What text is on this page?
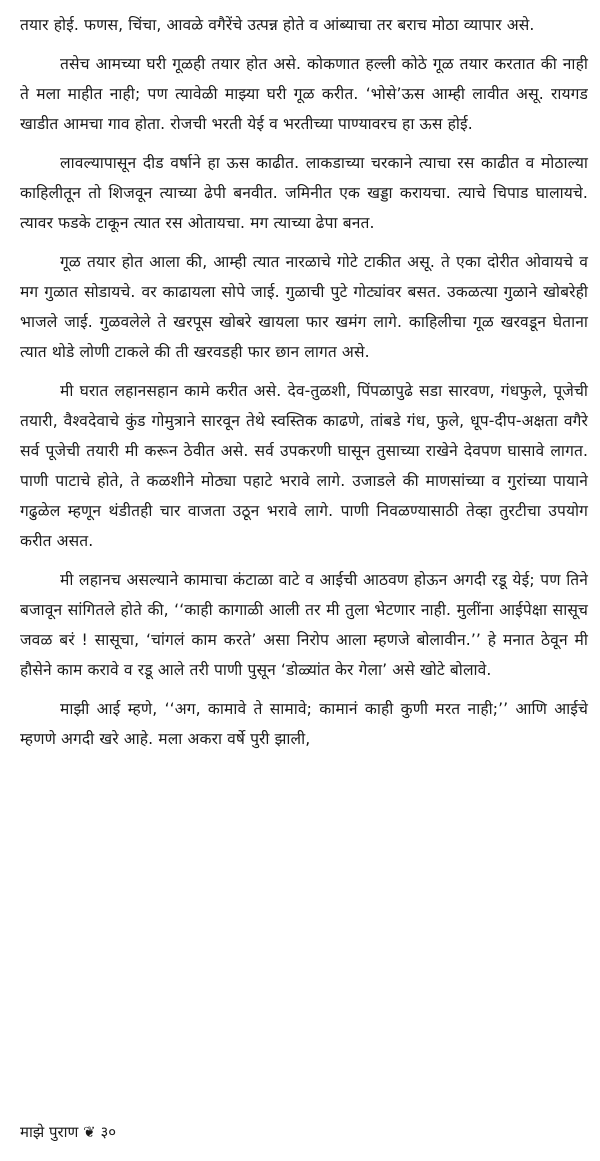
तयार होई. फणस, चिंचा, आवळे वगैरेंचे उत्पन्न होते व आंब्याचा तर बराच मोठा व्यापार असे.

तसेच आमच्या घरी गूळही तयार होत असे. कोकणात हल्ली कोठे गूळ तयार करतात की नाही ते मला माहीत नाही; पण त्यावेळी माझ्या घरी गूळ करीत. ‘भोसे’ऊस आम्ही लावीत असू. रायगड खाडीत आमचा गाव होता. रोजची भरती येई व भरतीच्या पाण्यावरच हा ऊस होई.

लावल्यापासून दीड वर्षाने हा ऊस काढीत. लाकडाच्या चरकाने त्याचा रस काढीत व मोठाल्या काहिलीतून तो शिजवून त्याच्या ढेपी बनवीत. जमिनीत एक खड्डा करायचा. त्याचे चिपाड घालायचे. त्यावर फडके टाकून त्यात रस ओतायचा. मग त्याच्या ढेपा बनत.

गूळ तयार होत आला की, आम्ही त्यात नारळाचे गोटे टाकीत असू. ते एका दोरीत ओवायचे व मग गुळात सोडायचे. वर काढायला सोपे जाई. गुळाची पुटे गोट्यांवर बसत. उकळत्या गुळाने खोबरेही भाजले जाई. गुळवलेले ते खरपूस खोबरे खायला फार खमंग लागे. काहिलीचा गूळ खरवडून घेताना त्यात थोडे लोणी टाकले की ती खरवडही फार छान लागत असे.

मी घरात लहानसहान कामे करीत असे. देव-तुळशी, पिंपळापुढे सडा सारवण, गंधफुले, पूजेची तयारी, वैश्वदेवाचे कुंड गोमुत्राने सारवून तेथे स्वस्तिक काढणे, तांबडे गंध, फुले, धूप-दीप-अक्षता वगैरे सर्व पूजेची तयारी मी करून ठेवीत असे. सर्व उपकरणी घासून तुसाच्या राखेने देवपण घासावे लागत. पाणी पाटाचे होते, ते कळशीने मोठ्या पहाटे भरावे लागे. उजाडले की माणसांच्या व गुरांच्या पायाने गढुळेल म्हणून थंडीतही चार वाजता उठून भरावे लागे. पाणी निवळण्यासाठी तेव्हा तुरटीचा उपयोग करीत असत.

मी लहानच असल्याने कामाचा कंटाळा वाटे व आईची आठवण होऊन अगदी रडू येई; पण तिने बजावून सांगितले होते की, ‘‘काही कागाळी आली तर मी तुला भेटणार नाही. मुलींना आईपेक्षा सासूच जवळ बरं ! सासूचा, ‘चांगलं काम करते’ असा निरोप आला म्हणजे बोलावीन.’’ हे मनात ठेवून मी हौसेने काम करावे व रडू आले तरी पाणी पुसून ‘डोळ्यांत केर गेला’ असे खोटे बोलावे.

माझी आई म्हणे, ‘‘अग, कामावे ते सामावे; कामानं काही कुणी मरत नाही;’’ आणि आईचे म्हणणे अगदी खरे आहे. मला अकरा वर्षे पुरी झाली,

माझे पुराण ❦ ३०
